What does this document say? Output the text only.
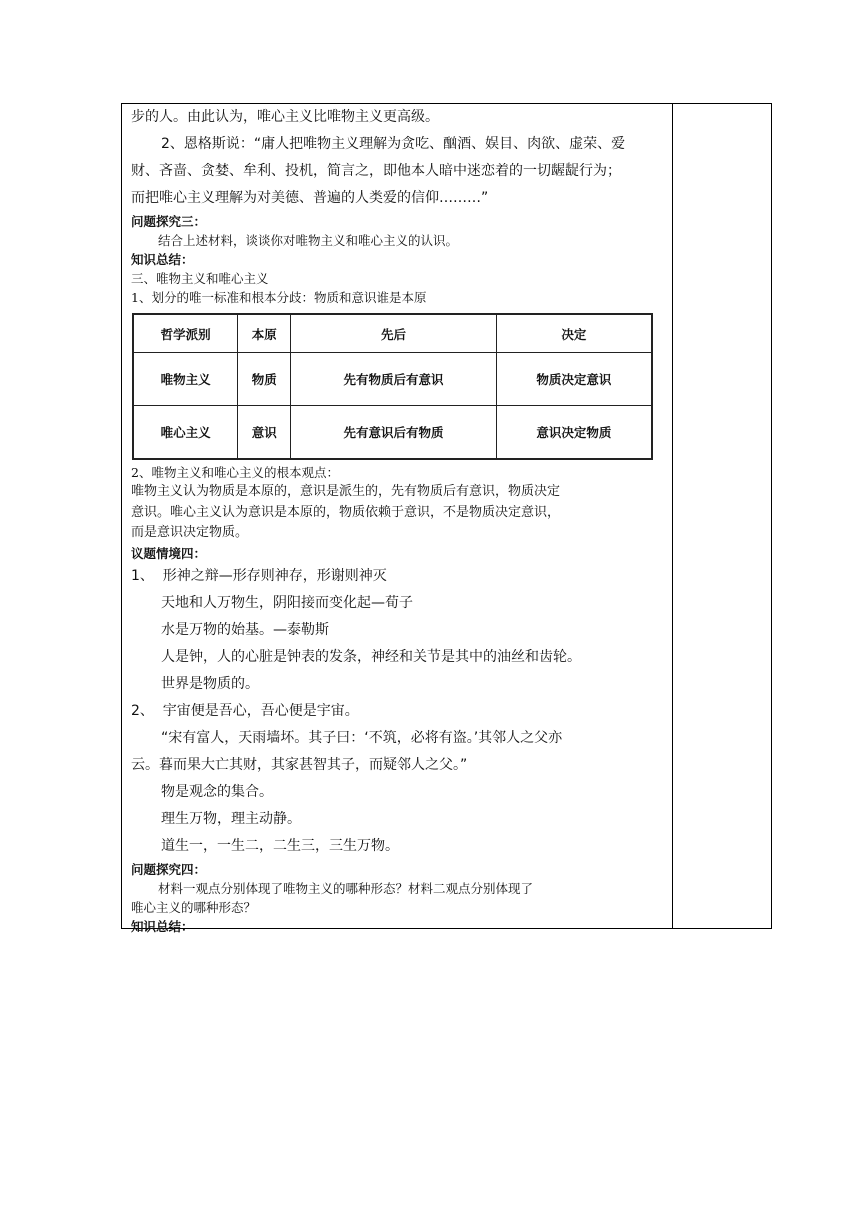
步的人。由此认为，唯心主义比唯物主义更高级。
2、恩格斯说：“庸人把唯物主义理解为贪吃、酗酒、娱目、肉欲、虚荣、爱
财、吝啬、贪婪、牟利、投机，简言之，即他本人暗中迷恋着的一切龌龊行为；
而把唯心主义理解为对美德、普遍的人类爱的信仰………”
问题探究三：
结合上述材料，谈谈你对唯物主义和唯心主义的认识。
知识总结：
三、唯物主义和唯心主义
1、划分的唯一标准和根本分歧：物质和意识谁是本原
哲学派别	本原	先后	决定
唯物主义	物质	先有物质后有意识	物质决定意识
唯心主义	意识	先有意识后有物质	意识决定物质
2、唯物主义和唯心主义的根本观点：
唯物主义认为物质是本原的，意识是派生的，先有物质后有意识，物质决定
意识。唯心主义认为意识是本原的，物质依赖于意识，不是物质决定意识，
而是意识决定物质。
议题情境四：
1、  形神之辩—形存则神存，形谢则神灭
天地和人万物生，阴阳接而变化起—荀子
水是万物的始基。—泰勒斯
人是钟，人的心脏是钟表的发条，神经和关节是其中的油丝和齿轮。
世界是物质的。
2、  宇宙便是吾心，吾心便是宇宙。
“宋有富人，天雨墙坏。其子曰：‘不筑，必将有盗。’其邻人之父亦
云。暮而果大亡其财，其家甚智其子，而疑邻人之父。”
物是观念的集合。
理生万物，理主动静。
道生一，一生二，二生三，三生万物。
问题探究四：
材料一观点分别体现了唯物主义的哪种形态？材料二观点分别体现了
唯心主义的哪种形态？
知识总结：
